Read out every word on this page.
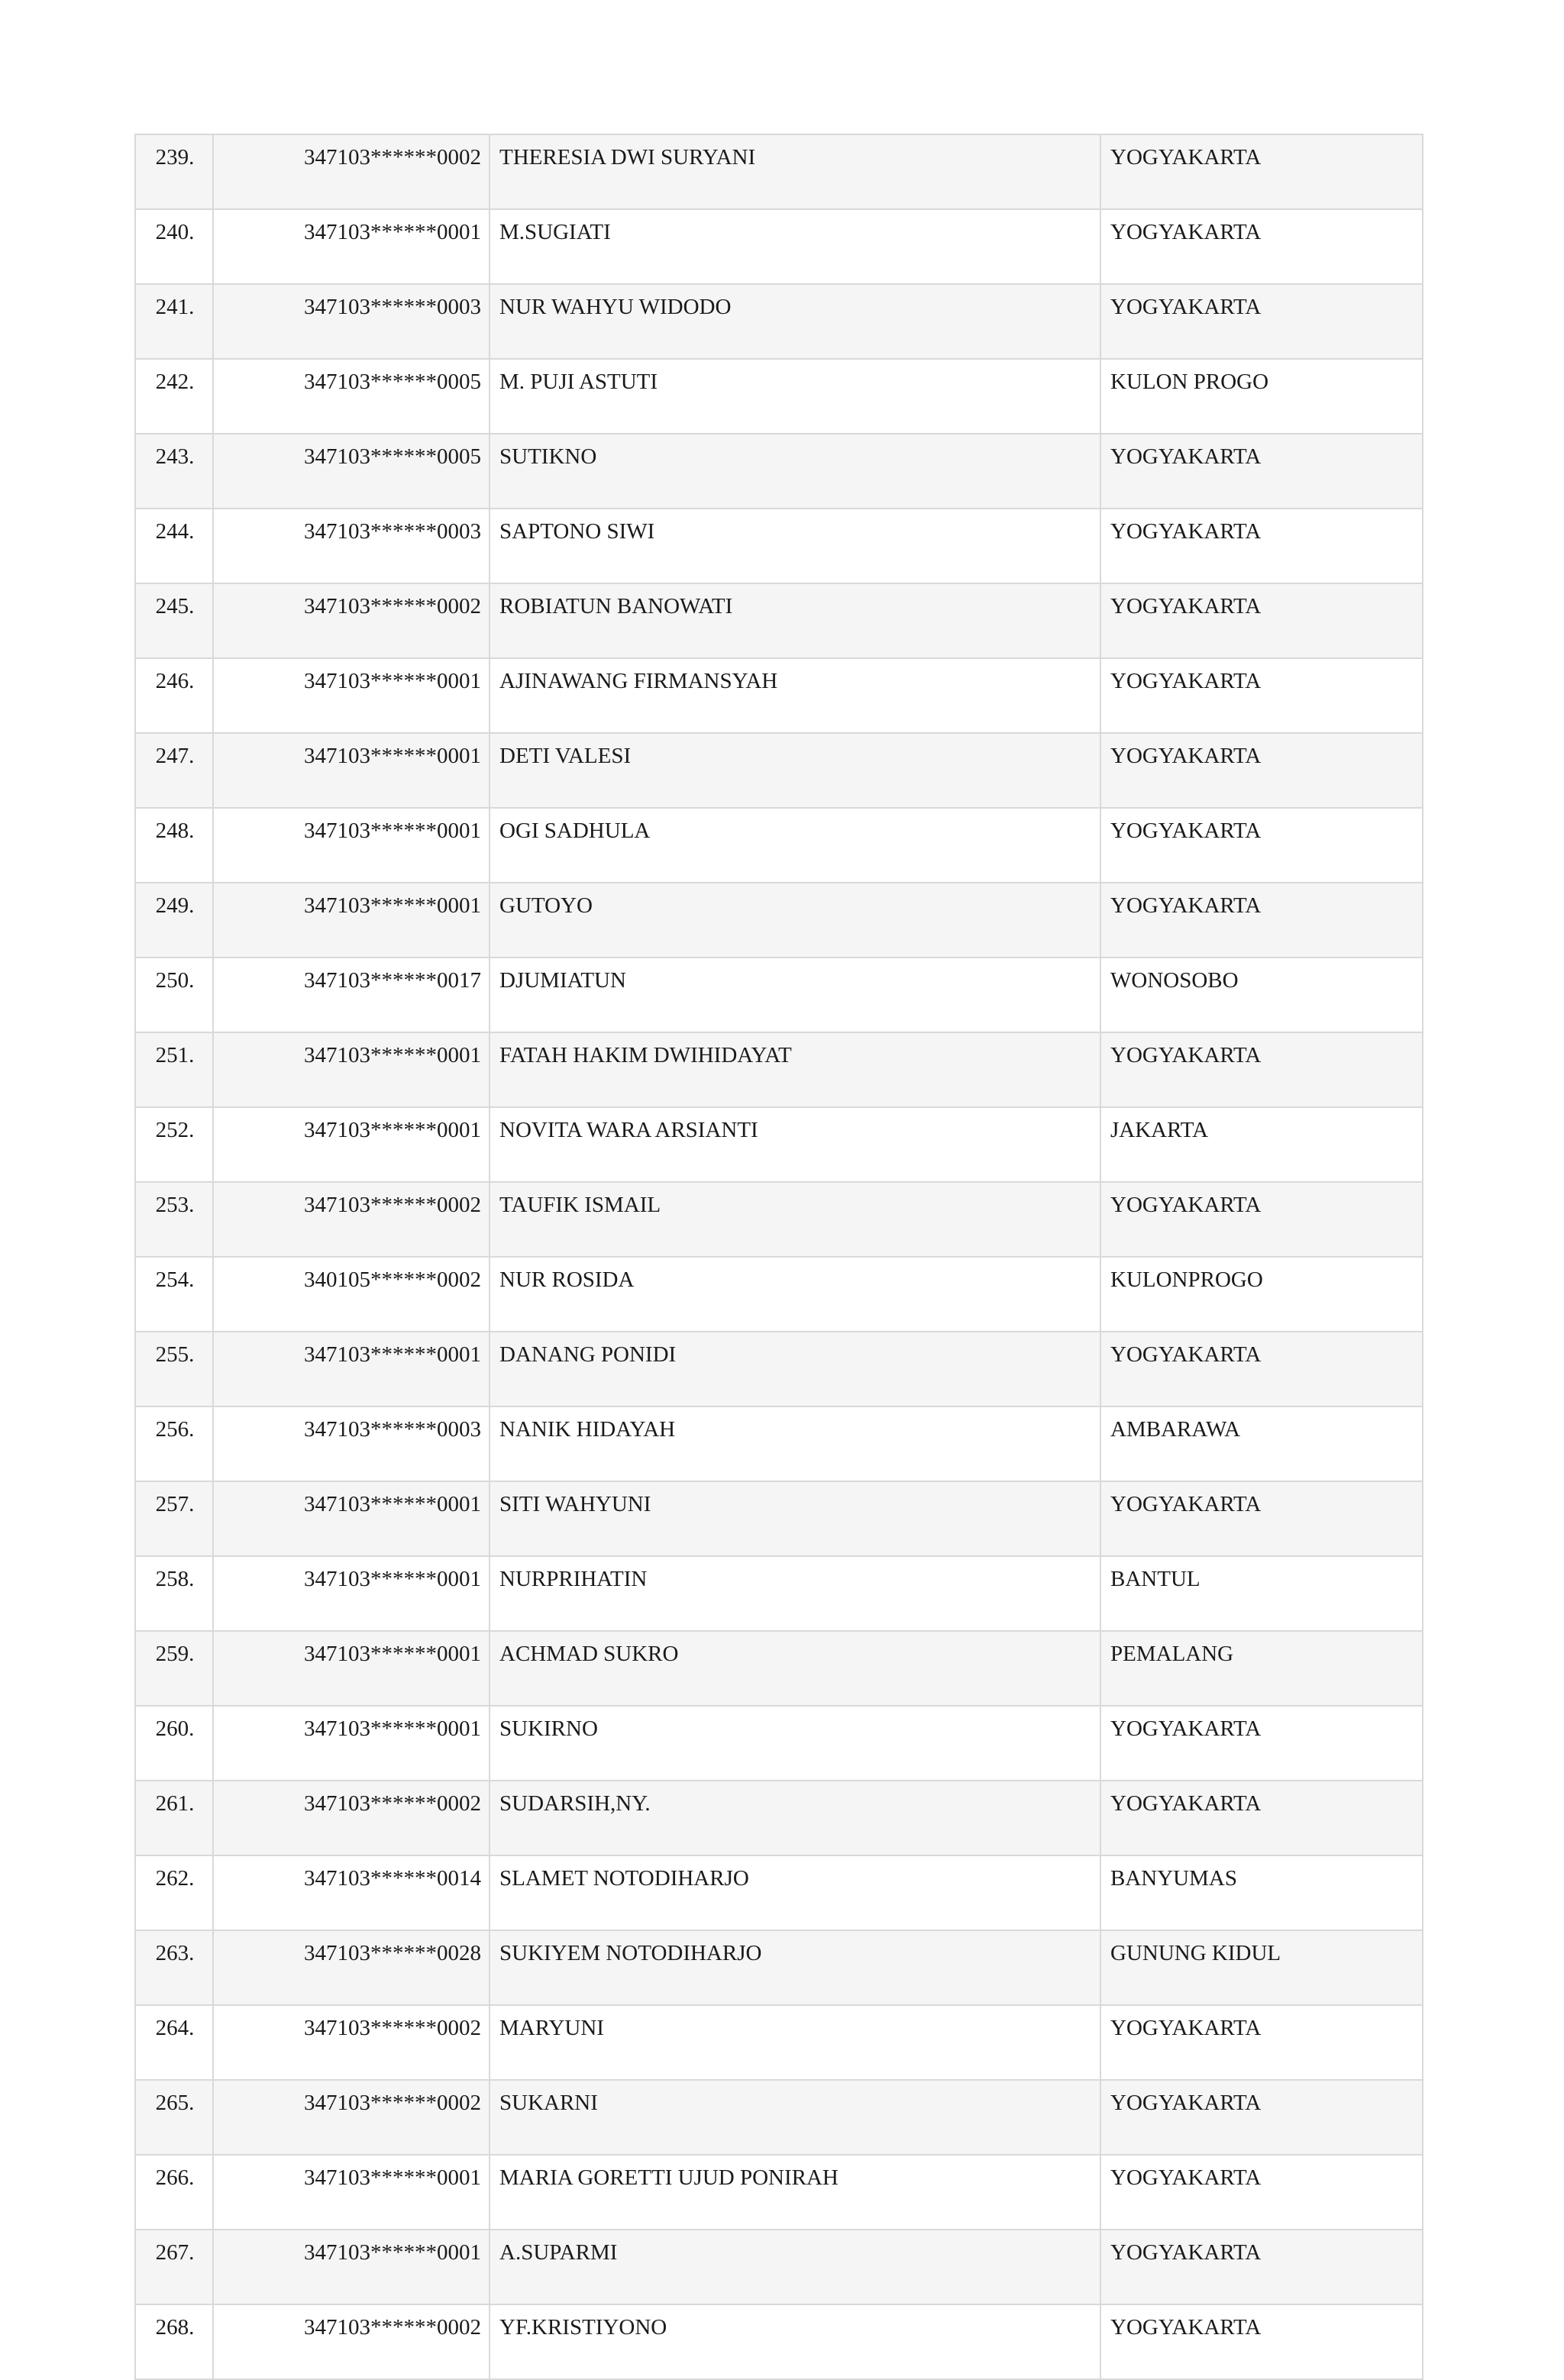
239.	347103******0002	THERESIA DWI SURYANI	YOGYAKARTA
240.	347103******0001	M.SUGIATI	YOGYAKARTA
241.	347103******0003	NUR WAHYU WIDODO	YOGYAKARTA
242.	347103******0005	M. PUJI ASTUTI	KULON PROGO
243.	347103******0005	SUTIKNO	YOGYAKARTA
244.	347103******0003	SAPTONO SIWI	YOGYAKARTA
245.	347103******0002	ROBIATUN BANOWATI	YOGYAKARTA
246.	347103******0001	AJINAWANG FIRMANSYAH	YOGYAKARTA
247.	347103******0001	DETI VALESI	YOGYAKARTA
248.	347103******0001	OGI SADHULA	YOGYAKARTA
249.	347103******0001	GUTOYO	YOGYAKARTA
250.	347103******0017	DJUMIATUN	WONOSOBO
251.	347103******0001	FATAH HAKIM DWIHIDAYAT	YOGYAKARTA
252.	347103******0001	NOVITA WARA ARSIANTI	JAKARTA
253.	347103******0002	TAUFIK ISMAIL	YOGYAKARTA
254.	340105******0002	NUR ROSIDA	KULONPROGO
255.	347103******0001	DANANG PONIDI	YOGYAKARTA
256.	347103******0003	NANIK HIDAYAH	AMBARAWA
257.	347103******0001	SITI WAHYUNI	YOGYAKARTA
258.	347103******0001	NURPRIHATIN	BANTUL
259.	347103******0001	ACHMAD SUKRO	PEMALANG
260.	347103******0001	SUKIRNO	YOGYAKARTA
261.	347103******0002	SUDARSIH,NY.	YOGYAKARTA
262.	347103******0014	SLAMET NOTODIHARJO	BANYUMAS
263.	347103******0028	SUKIYEM NOTODIHARJO	GUNUNG KIDUL
264.	347103******0002	MARYUNI	YOGYAKARTA
265.	347103******0002	SUKARNI	YOGYAKARTA
266.	347103******0001	MARIA GORETTI UJUD PONIRAH	YOGYAKARTA
267.	347103******0001	A.SUPARMI	YOGYAKARTA
268.	347103******0002	YF.KRISTIYONO	YOGYAKARTA
